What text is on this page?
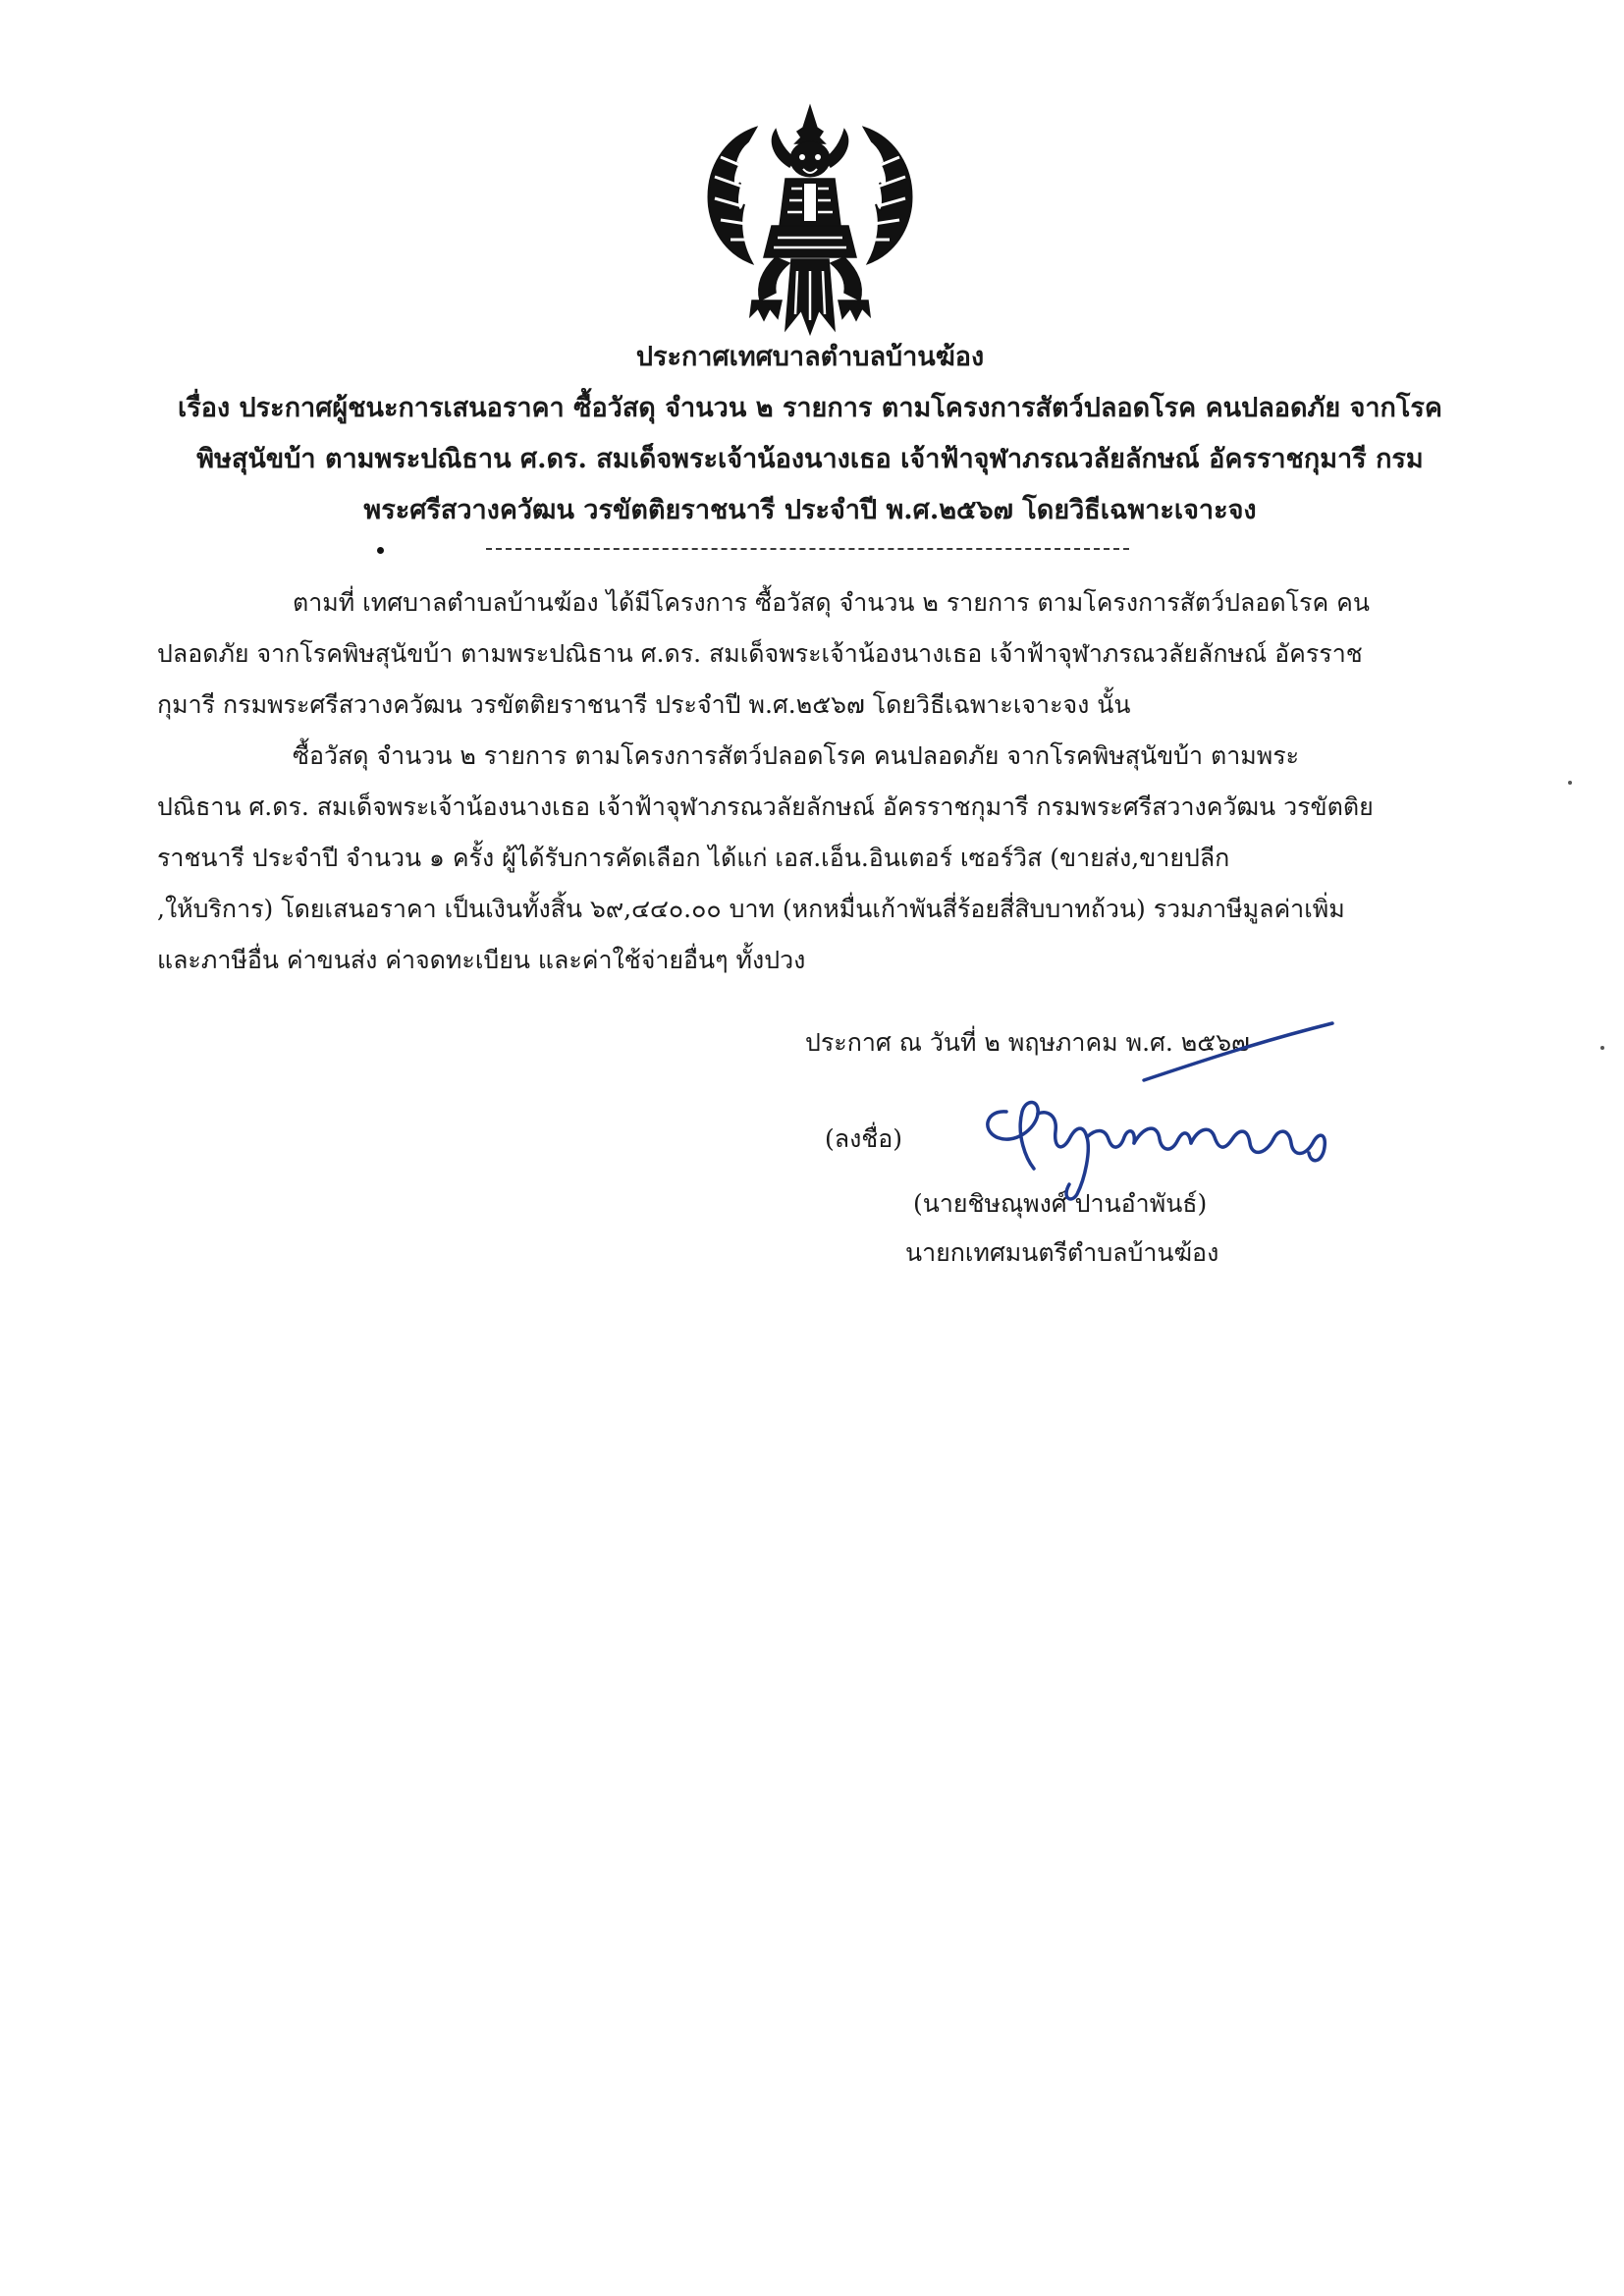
ประกาศเทศบาลตำบลบ้านฆ้อง
เรื่อง ประกาศผู้ชนะการเสนอราคา ซื้อวัสดุ จำนวน ๒ รายการ ตามโครงการสัตว์ปลอดโรค คนปลอดภัย จากโรค
พิษสุนัขบ้า ตามพระปณิธาน ศ.ดร. สมเด็จพระเจ้าน้องนางเธอ เจ้าฟ้าจุฬาภรณวลัยลักษณ์ อัครราชกุมารี กรม
พระศรีสวางควัฒน วรขัตติยราชนารี ประจำปี พ.ศ.๒๕๖๗ โดยวิธีเฉพาะเจาะจง
ตามที่ เทศบาลตำบลบ้านฆ้อง ได้มีโครงการ ซื้อวัสดุ จำนวน ๒ รายการ ตามโครงการสัตว์ปลอดโรค คน
ปลอดภัย จากโรคพิษสุนัขบ้า ตามพระปณิธาน ศ.ดร. สมเด็จพระเจ้าน้องนางเธอ เจ้าฟ้าจุฬาภรณวลัยลักษณ์ อัครราช
กุมารี กรมพระศรีสวางควัฒน วรขัตติยราชนารี ประจำปี พ.ศ.๒๕๖๗ โดยวิธีเฉพาะเจาะจง นั้น
ซื้อวัสดุ จำนวน ๒ รายการ ตามโครงการสัตว์ปลอดโรค คนปลอดภัย จากโรคพิษสุนัขบ้า ตามพระ
ปณิธาน ศ.ดร. สมเด็จพระเจ้าน้องนางเธอ เจ้าฟ้าจุฬาภรณวลัยลักษณ์ อัครราชกุมารี กรมพระศรีสวางควัฒน วรขัตติย
ราชนารี ประจำปี จำนวน ๑ ครั้ง ผู้ได้รับการคัดเลือก ได้แก่ เอส.เอ็น.อินเตอร์ เซอร์วิส (ขายส่ง,ขายปลีก
,ให้บริการ) โดยเสนอราคา เป็นเงินทั้งสิ้น ๖๙,๔๔๐.๐๐ บาท (หกหมื่นเก้าพันสี่ร้อยสี่สิบบาทถ้วน) รวมภาษีมูลค่าเพิ่ม
และภาษีอื่น ค่าขนส่ง ค่าจดทะเบียน และค่าใช้จ่ายอื่นๆ ทั้งปวง
ประกาศ ณ วันที่ ๒ พฤษภาคม พ.ศ. ๒๕๖๗
(ลงชื่อ)
(นายชิษณุพงศ์ ปานอำพันธ์)
นายกเทศมนตรีตำบลบ้านฆ้อง
